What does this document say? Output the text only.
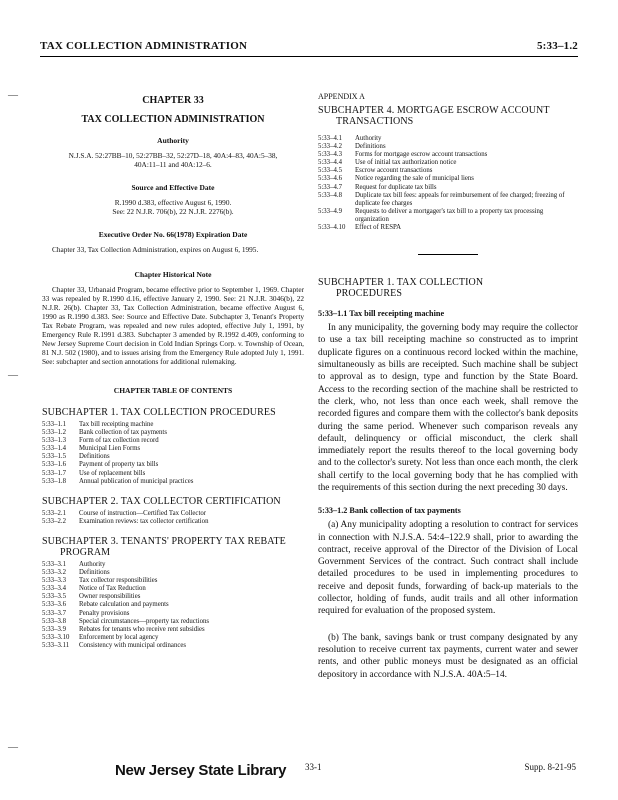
TAX COLLECTION ADMINISTRATION	5:33–1.2

CHAPTER 33

TAX COLLECTION ADMINISTRATION

Authority

N.J.S.A. 52:27BB–10, 52:27BB–32, 52:27D–18, 40A:4–83, 40A:5–38, 40A:11–11 and 40A:12–6.

Source and Effective Date

R.1990 d.383, effective August 6, 1990.

See: 22 N.J.R. 706(b), 22 N.J.R. 2276(b).

Executive Order No. 66(1978) Expiration Date

Chapter 33, Tax Collection Administration, expires on August 6, 1995.

Chapter Historical Note

Chapter 33, Urbanaid Program, became effective prior to September 1, 1969. Chapter 33 was repealed by R.1990 d.16, effective January 2, 1990. See: 21 N.J.R. 3046(b), 22 N.J.R. 26(b). Chapter 33, Tax Collection Administration, became effective August 6, 1990 as R.1990 d.383. See: Source and Effective Date. Subchapter 3, Tenant's Property Tax Rebate Program, was repealed and new rules adopted, effective July 1, 1991, by Emergency Rule R.1991 d.383. Subchapter 3 amended by R.1992 d.409, conforming to New Jersey Supreme Court decision in Cold Indian Springs Corp. v. Township of Ocean, 81 N.J. 502 (1980), and to issues arising from the Emergency Rule adopted July 1, 1991. See: subchapter and section annotations for additional rulemaking.

CHAPTER TABLE OF CONTENTS

SUBCHAPTER 1. TAX COLLECTION PROCEDURES

5:33–1.1	Tax bill receipting machine
5:33–1.2	Bank collection of tax payments
5:33–1.3	Form of tax collection record
5:33–1.4	Municipal Lien Forms
5:33–1.5	Definitions
5:33–1.6	Payment of property tax bills
5:33–1.7	Use of replacement bills
5:33–1.8	Annual publication of municipal practices

SUBCHAPTER 2. TAX COLLECTOR CERTIFICATION

5:33–2.1	Course of instruction—Certified Tax Collector
5:33–2.2	Examination reviews: tax collector certification

SUBCHAPTER 3. TENANTS' PROPERTY TAX REBATE

PROGRAM

5:33–3.1	Authority
5:33–3.2	Definitions
5:33–3.3	Tax collector responsibilities
5:33–3.4	Notice of Tax Reduction
5:33–3.5	Owner responsibilities
5:33–3.6	Rebate calculation and payments
5:33–3.7	Penalty provisions
5:33–3.8	Special circumstances—property tax reductions
5:33–3.9	Rebates for tenants who receive rent subsidies
5:33–3.10	Enforcement by local agency
5:33–3.11	Consistency with municipal ordinances

APPENDIX A

SUBCHAPTER 4. MORTGAGE ESCROW ACCOUNT

TRANSACTIONS

5:33–4.1	Authority
5:33–4.2	Definitions
5:33–4.3	Forms for mortgage escrow account transactions
5:33–4.4	Use of initial tax authorization notice
5:33–4.5	Escrow account transactions
5:33–4.6	Notice regarding the sale of municipal liens
5:33–4.7	Request for duplicate tax bills
5:33–4.8	Duplicate tax bill fees: appeals for reimbursement of fee charged; freezing of duplicate fee charges
5:33–4.9	Requests to deliver a mortgager's tax bill to a property tax processing organization
5:33–4.10	Effect of RESPA

SUBCHAPTER 1. TAX COLLECTION

PROCEDURES

5:33–1.1 Tax bill receipting machine

In any municipality, the governing body may require the collector to use a tax bill receipting machine so constructed as to imprint duplicate figures on a continuous record locked within the machine, simultaneously as bills are receipted. Such machine shall be subject to approval as to design, type and function by the State Board. Access to the recording section of the machine shall be restricted to the clerk, who, not less than once each week, shall remove the recorded figures and compare them with the collector's bank deposits during the same period. Whenever such comparison reveals any default, delinquency or official misconduct, the clerk shall immediately report the results thereof to the local governing body and to the collector's surety. Not less than once each month, the clerk shall certify to the local governing body that he has complied with the requirements of this section during the next preceding 30 days.

5:33–1.2 Bank collection of tax payments

(a) Any municipality adopting a resolution to contract for services in connection with N.J.S.A. 54:4–122.9 shall, prior to awarding the contract, receive approval of the Director of the Division of Local Government Services of the contract. Such contract shall include detailed procedures to be used in implementing procedures to receive and deposit funds, forwarding of back-up materials to the collector, holding of funds, audit trails and all other information required for evaluation of the proposed system.

(b) The bank, savings bank or trust company designated by any resolution to receive current tax payments, current water and sewer rents, and other public moneys must be designated as an official depository in accordance with N.J.S.A. 40A:5–14.

—
—
—
New Jersey State Library 33-1	Supp. 8-21-95
